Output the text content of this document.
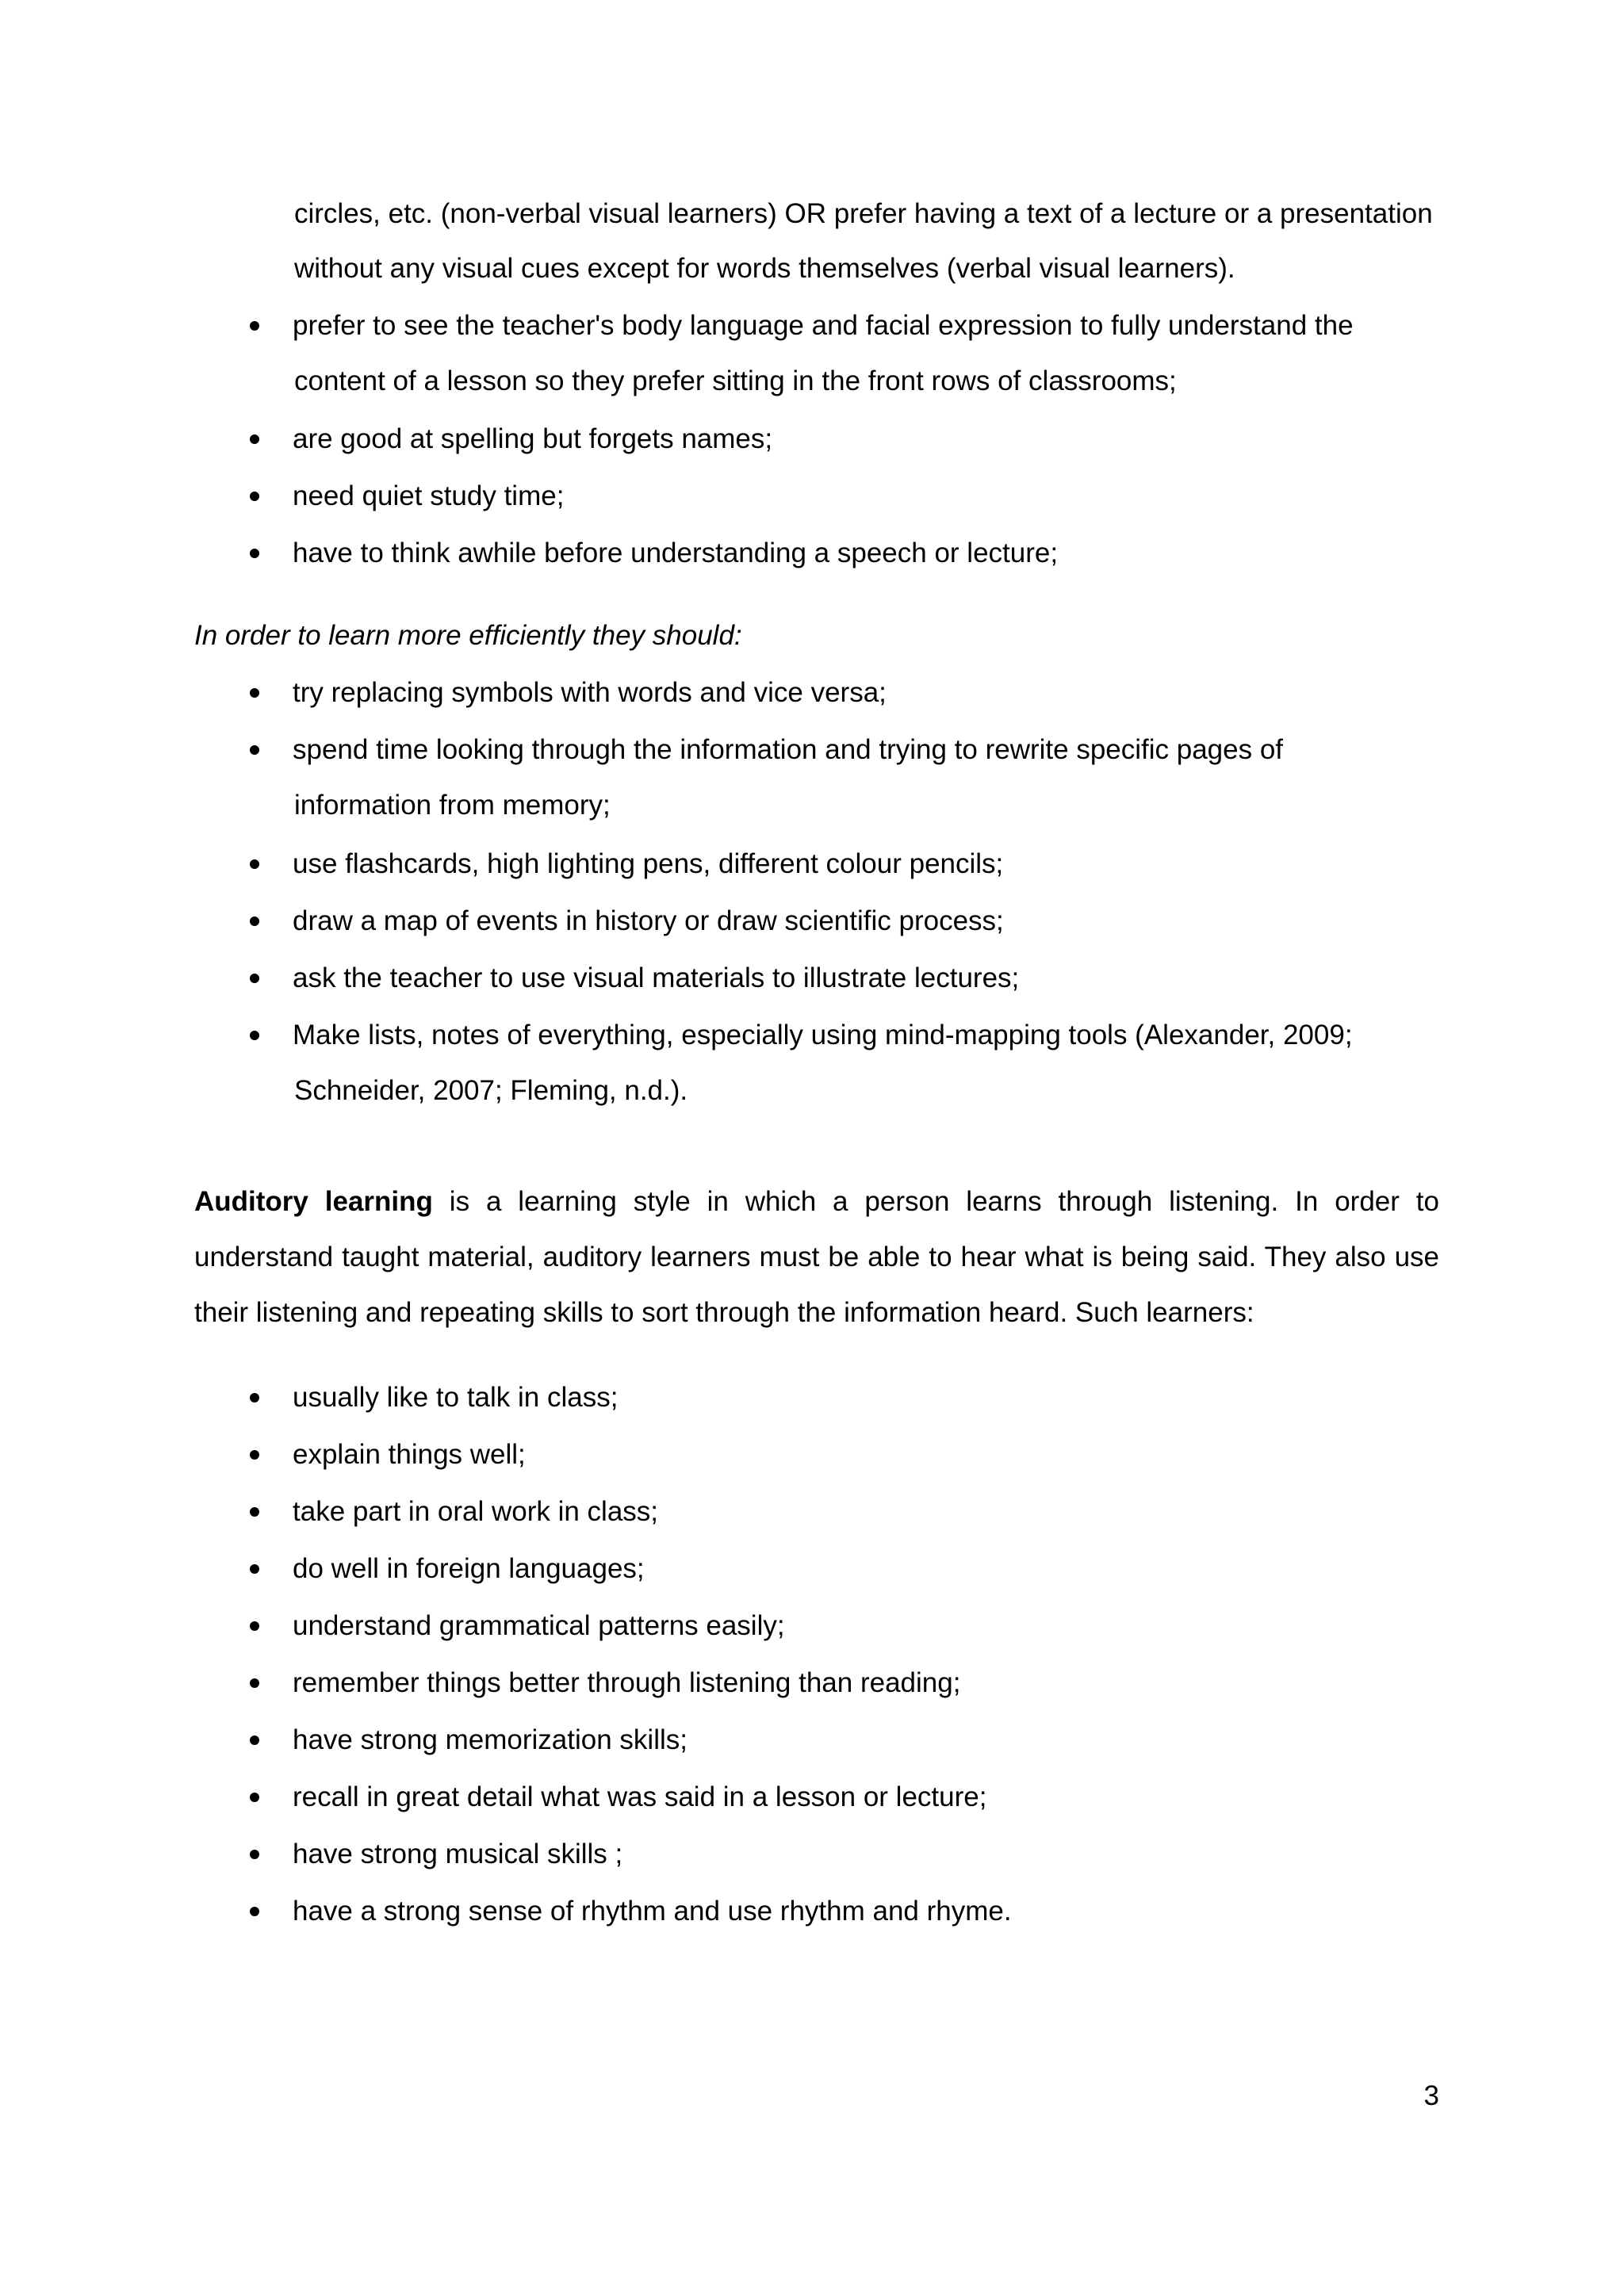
circles, etc. (non-verbal visual learners) OR prefer having a text of a lecture or a presentation
without any visual cues except for words themselves (verbal visual learners).
prefer to see the teacher's body language and facial expression to fully understand the
content of a lesson so they prefer sitting in the front rows of classrooms;
are good at spelling but forgets names;
need quiet study time;
have to think awhile before understanding a speech or lecture;
In order to learn more efficiently they should:
try replacing symbols with words and vice versa;
spend time looking through the information and trying to rewrite specific pages of
information from memory;
use flashcards, high lighting pens, different colour pencils;
draw a map of events in history or draw scientific process;
ask the teacher to use visual materials to illustrate lectures;
Make lists, notes of everything, especially using mind-mapping tools (Alexander, 2009;
Schneider, 2007; Fleming, n.d.).
Auditory learning is a learning style in which a person learns through listening. In order to
understand taught material, auditory learners must be able to hear what is being said. They also use
their listening and repeating skills to sort through the information heard. Such learners:
usually like to talk in class;
explain things well;
take part in oral work in class;
do well in foreign languages;
understand grammatical patterns easily;
remember things better through listening than reading;
have strong memorization skills;
recall in great detail what was said in a lesson or lecture;
have strong musical skills ;
have a strong sense of rhythm and use rhythm and rhyme.
3
